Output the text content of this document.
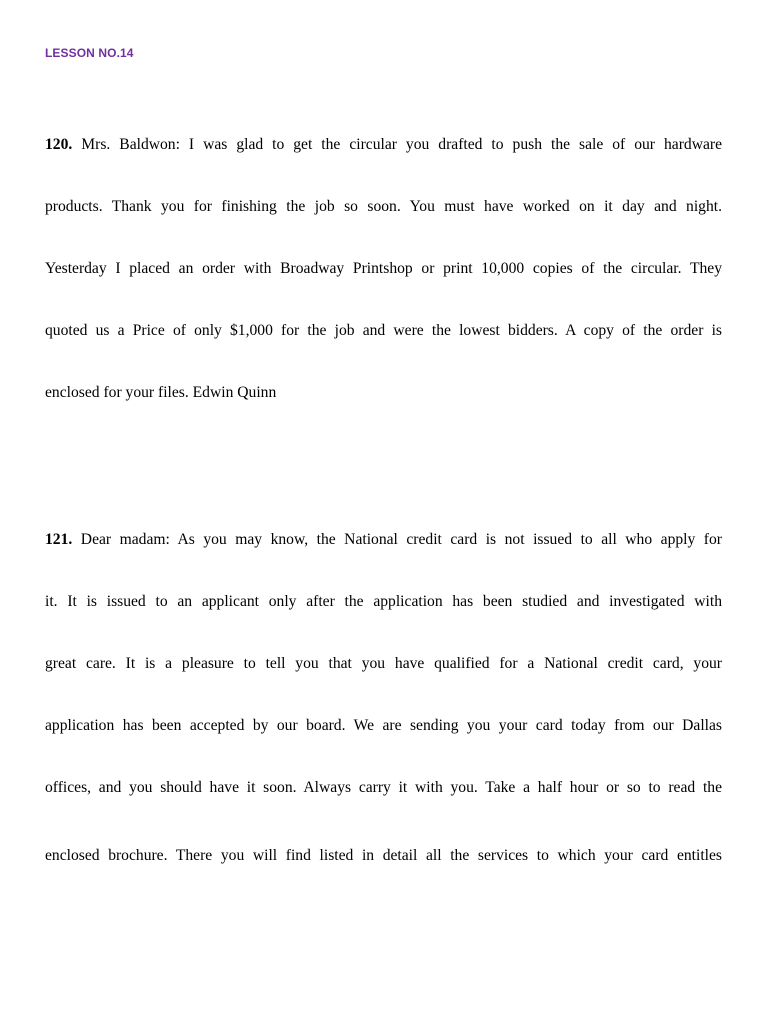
LESSON NO.14
120. Mrs. Baldwon: I was glad to get the circular you drafted to push the sale of our hardware
products. Thank you for finishing the job so soon. You must have worked on it day and night.
Yesterday I placed an order with Broadway Printshop or print 10,000 copies of the circular. They
quoted us a Price of only $1,000 for the job and were the lowest bidders. A copy of the order is
enclosed for your files. Edwin Quinn
121. Dear madam: As you may know, the National credit card is not issued to all who apply for
it. It is issued to an applicant only after the application has been studied and investigated with
great care. It is a pleasure to tell you that you have qualified for a National credit card, your
application has been accepted by our board. We are sending you your card today from our Dallas
offices, and you should have it soon. Always carry it with you. Take a half hour or so to read the
enclosed brochure. There you will find listed in detail all the services to which your card entitles
